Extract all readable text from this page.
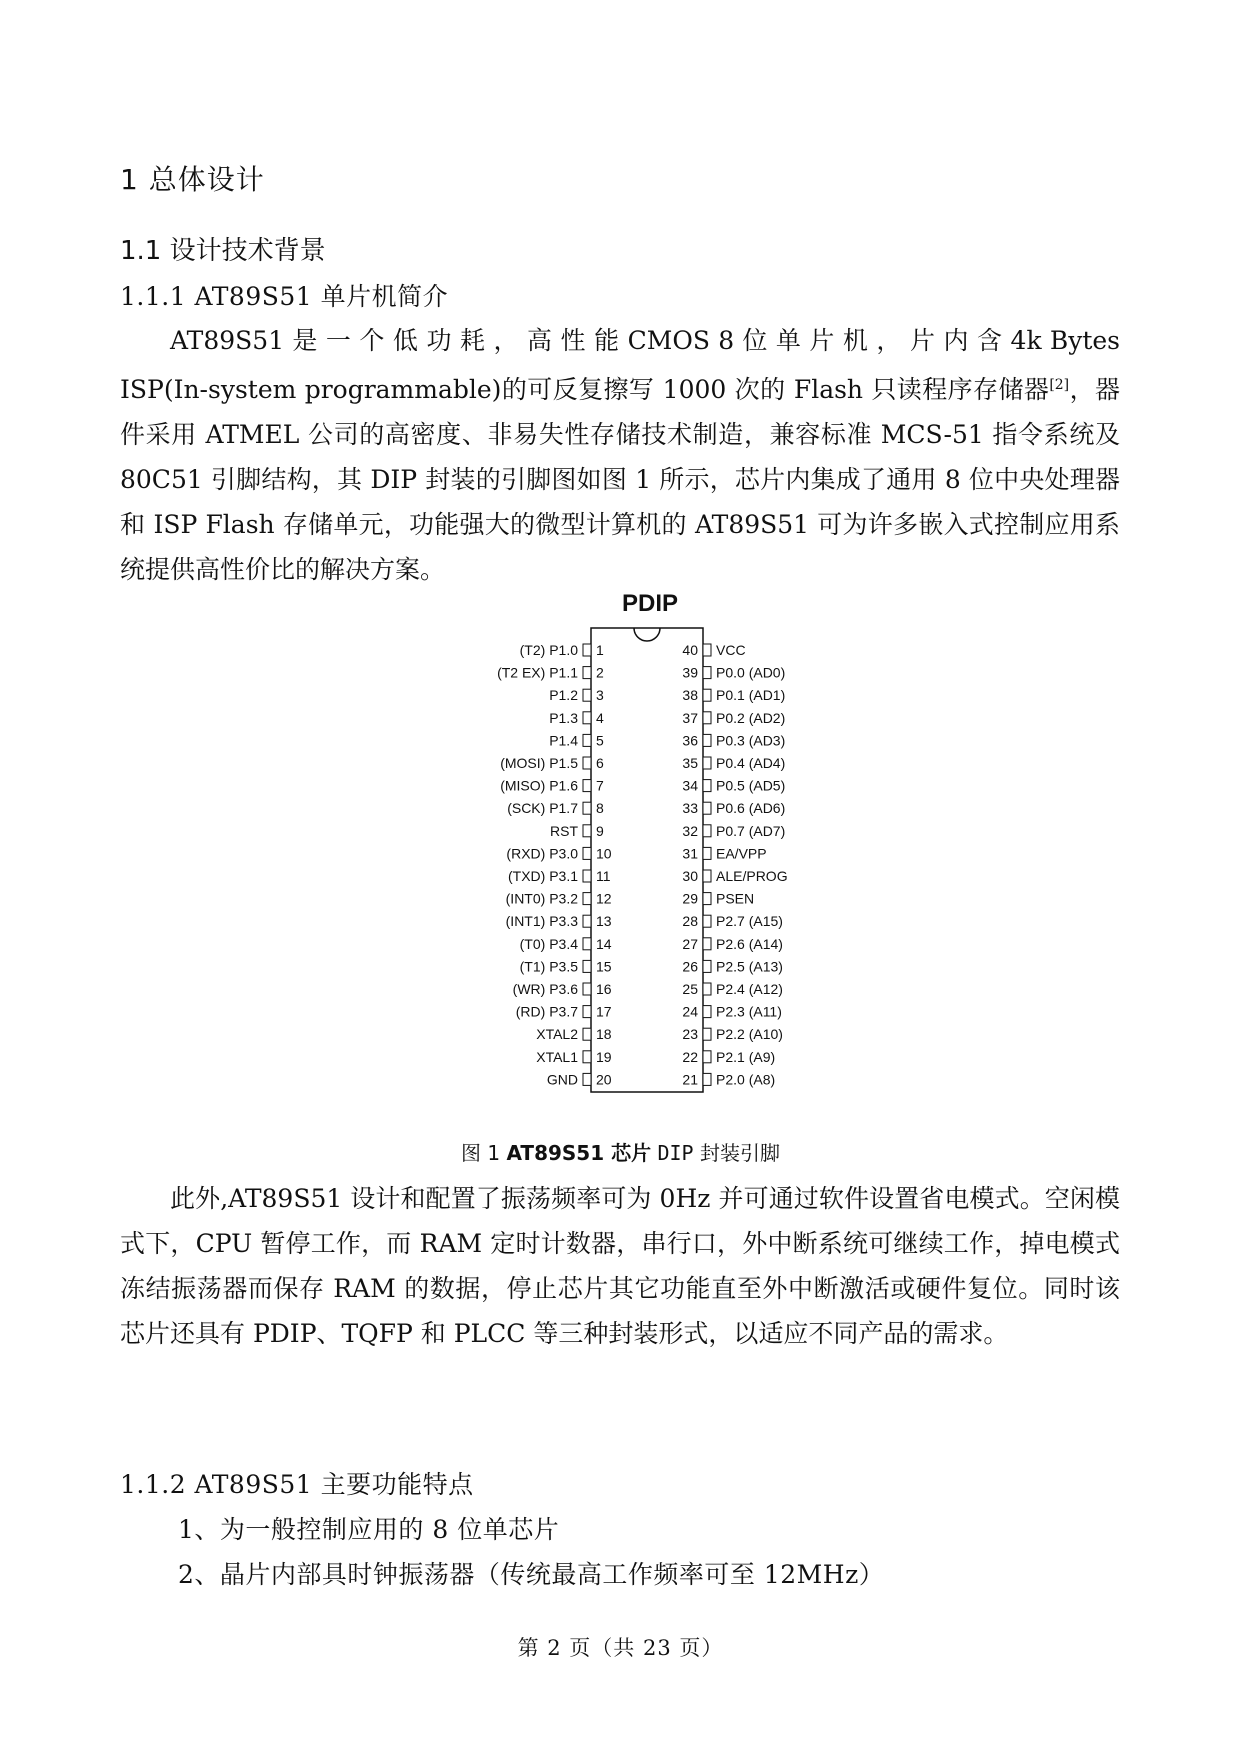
1 总体设计
1.1 设计技术背景
1.1.1 AT89S51 单片机简介

AT89S51 是 一 个 低 功 耗 ， 高 性 能 CMOS 8 位 单 片 机 ， 片 内 含 4k Bytes ISP(In-system programmable)的可反复擦写 1000 次的 Flash 只读程序存储器[2]，器件采用 ATMEL 公司的高密度、非易失性存储技术制造，兼容标准 MCS-51 指令系统及 80C51 引脚结构，其 DIP 封装的引脚图如图 1 所示，芯片内集成了通用 8 位中央处理器和 ISP Flash 存储单元，功能强大的微型计算机的 AT89S51 可为许多嵌入式控制应用系统提供高性价比的解决方案。

PDIP
(T2) P1.0 1
(T2 EX) P1.1 2
P1.2 3
P1.3 4
P1.4 5
(MOSI) P1.5 6
(MISO) P1.6 7
(SCK) P1.7 8
RST 9
(RXD) P3.0 10
(TXD) P3.1 11
(INT0) P3.2 12
(INT1) P3.3 13
(T0) P3.4 14
(T1) P3.5 15
(WR) P3.6 16
(RD) P3.7 17
XTAL2 18
XTAL1 19
GND 20
40 VCC
39 P0.0 (AD0)
38 P0.1 (AD1)
37 P0.2 (AD2)
36 P0.3 (AD3)
35 P0.4 (AD4)
34 P0.5 (AD5)
33 P0.6 (AD6)
32 P0.7 (AD7)
31 EA/VPP
30 ALE/PROG
29 PSEN
28 P2.7 (A15)
27 P2.6 (A14)
26 P2.5 (A13)
25 P2.4 (A12)
24 P2.3 (A11)
23 P2.2 (A10)
22 P2.1 (A9)
21 P2.0 (A8)
图 1 AT89S51 芯片 DIP 封装引脚

此外,AT89S51 设计和配置了振荡频率可为 0Hz 并可通过软件设置省电模式。空闲模式下，CPU 暂停工作，而 RAM 定时计数器，串行口，外中断系统可继续工作，掉电模式冻结振荡器而保存 RAM 的数据，停止芯片其它功能直至外中断激活或硬件复位。同时该芯片还具有 PDIP、TQFP 和 PLCC 等三种封装形式，以适应不同产品的需求。

1.1.2 AT89S51 主要功能特点
1、为一般控制应用的 8 位单芯片
2、晶片内部具时钟振荡器（传统最高工作频率可至 12MHz）
第 2 页（共 23 页）
